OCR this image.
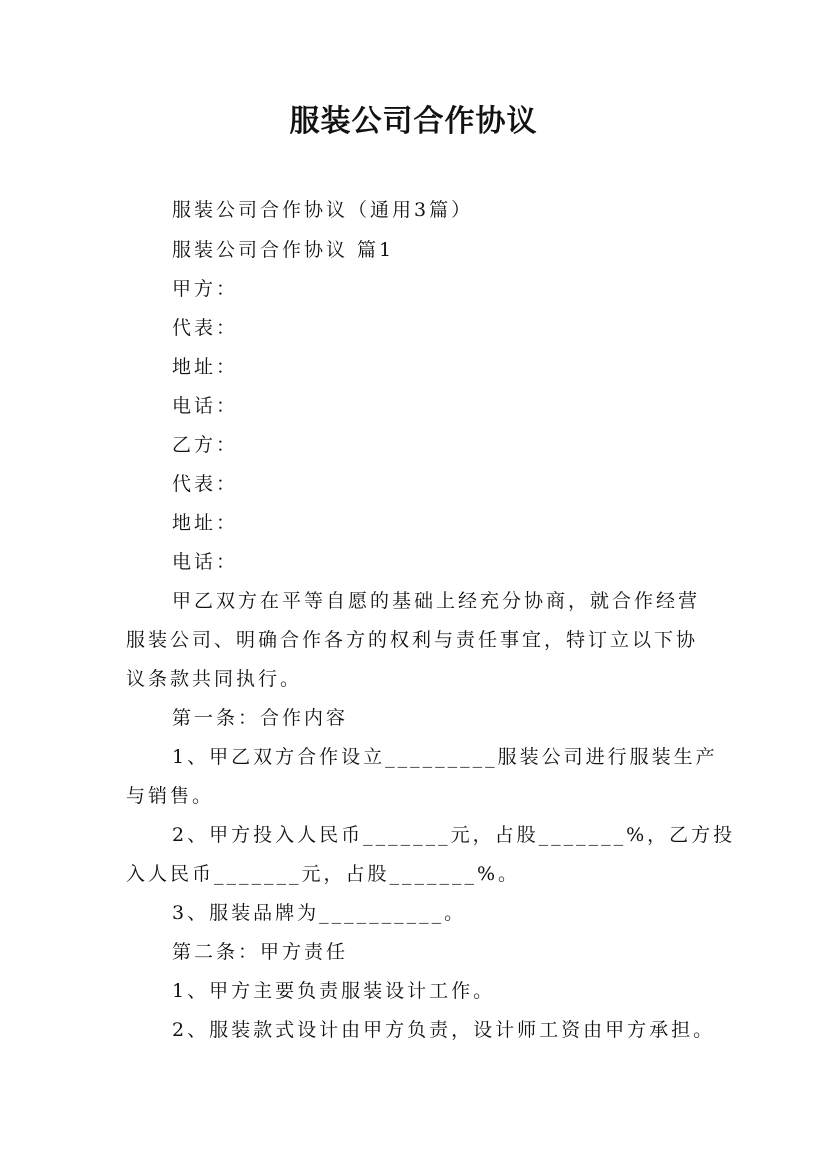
服装公司合作协议
服装公司合作协议（通用3篇）
服装公司合作协议 篇1
甲方：
代表：
地址：
电话：
乙方：
代表：
地址：
电话：
甲乙双方在平等自愿的基础上经充分协商，就合作经营
服装公司、明确合作各方的权利与责任事宜，特订立以下协
议条款共同执行。
第一条：合作内容
1、甲乙双方合作设立_________服装公司进行服装生产
与销售。
2、甲方投入人民币_______元，占股_______%，乙方投
入人民币_______元，占股_______%。
3、服装品牌为__________。
第二条：甲方责任
1、甲方主要负责服装设计工作。
2、服装款式设计由甲方负责，设计师工资由甲方承担。
